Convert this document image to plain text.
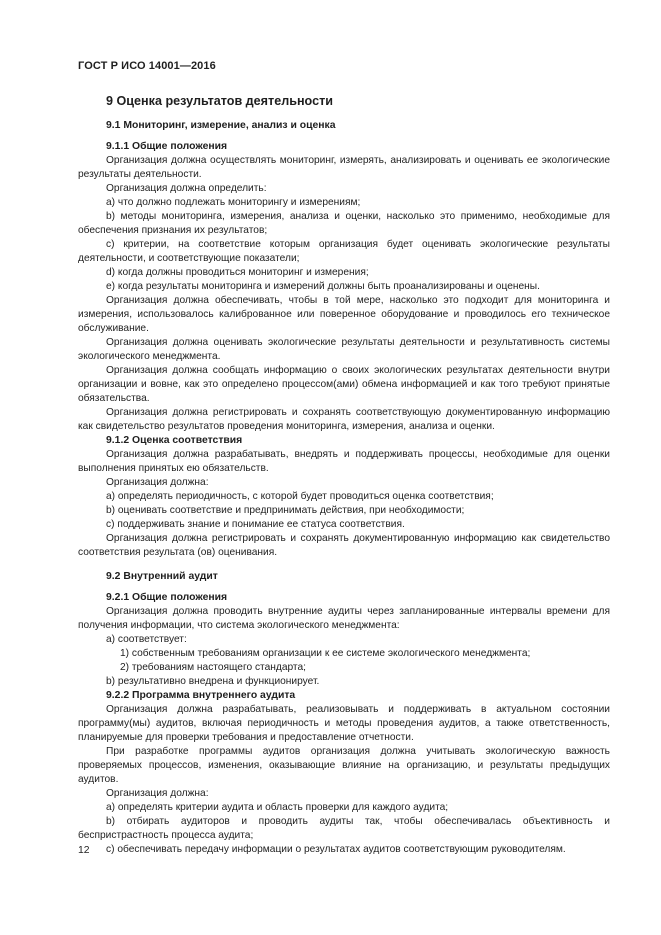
ГОСТ Р ИСО 14001—2016
9 Оценка результатов деятельности
9.1 Мониторинг, измерение, анализ и оценка
9.1.1 Общие положения
Организация должна осуществлять мониторинг, измерять, анализировать и оценивать ее экологические результаты деятельности.
Организация должна определить:
a) что должно подлежать мониторингу и измерениям;
b) методы мониторинга, измерения, анализа и оценки, насколько это применимо, необходимые для обеспечения признания их результатов;
c) критерии, на соответствие которым организация будет оценивать экологические результаты деятельности, и соответствующие показатели;
d) когда должны проводиться мониторинг и измерения;
e) когда результаты мониторинга и измерений должны быть проанализированы и оценены.
Организация должна обеспечивать, чтобы в той мере, насколько это подходит для мониторинга и измерения, использовалось калиброванное или поверенное оборудование и проводилось его техническое обслуживание.
Организация должна оценивать экологические результаты деятельности и результативность системы экологического менеджмента.
Организация должна сообщать информацию о своих экологических результатах деятельности внутри организации и вовне, как это определено процессом(ами) обмена информацией и как того требуют принятые обязательства.
Организация должна регистрировать и сохранять соответствующую документированную информацию как свидетельство результатов проведения мониторинга, измерения, анализа и оценки.
9.1.2 Оценка соответствия
Организация должна разрабатывать, внедрять и поддерживать процессы, необходимые для оценки выполнения принятых ею обязательств.
Организация должна:
a) определять периодичность, с которой будет проводиться оценка соответствия;
b) оценивать соответствие и предпринимать действия, при необходимости;
c) поддерживать знание и понимание ее статуса соответствия.
Организация должна регистрировать и сохранять документированную информацию как свидетельство соответствия результата (ов) оценивания.
9.2 Внутренний аудит
9.2.1 Общие положения
Организация должна проводить внутренние аудиты через запланированные интервалы времени для получения информации, что система экологического менеджмента:
a) соответствует:
1) собственным требованиям организации к ее системе экологического менеджмента;
2) требованиям настоящего стандарта;
b) результативно внедрена и функционирует.
9.2.2 Программа внутреннего аудита
Организация должна разрабатывать, реализовывать и поддерживать в актуальном состоянии программу(мы) аудитов, включая периодичность и методы проведения аудитов, а также ответственность, планируемые для проверки требования и предоставление отчетности.
При разработке программы аудитов организация должна учитывать экологическую важность проверяемых процессов, изменения, оказывающие влияние на организацию, и результаты предыдущих аудитов.
Организация должна:
a) определять критерии аудита и область проверки для каждого аудита;
b) отбирать аудиторов и проводить аудиты так, чтобы обеспечивалась объективность и беспристрастность процесса аудита;
c) обеспечивать передачу информации о результатах аудитов соответствующим руководителям.
12
